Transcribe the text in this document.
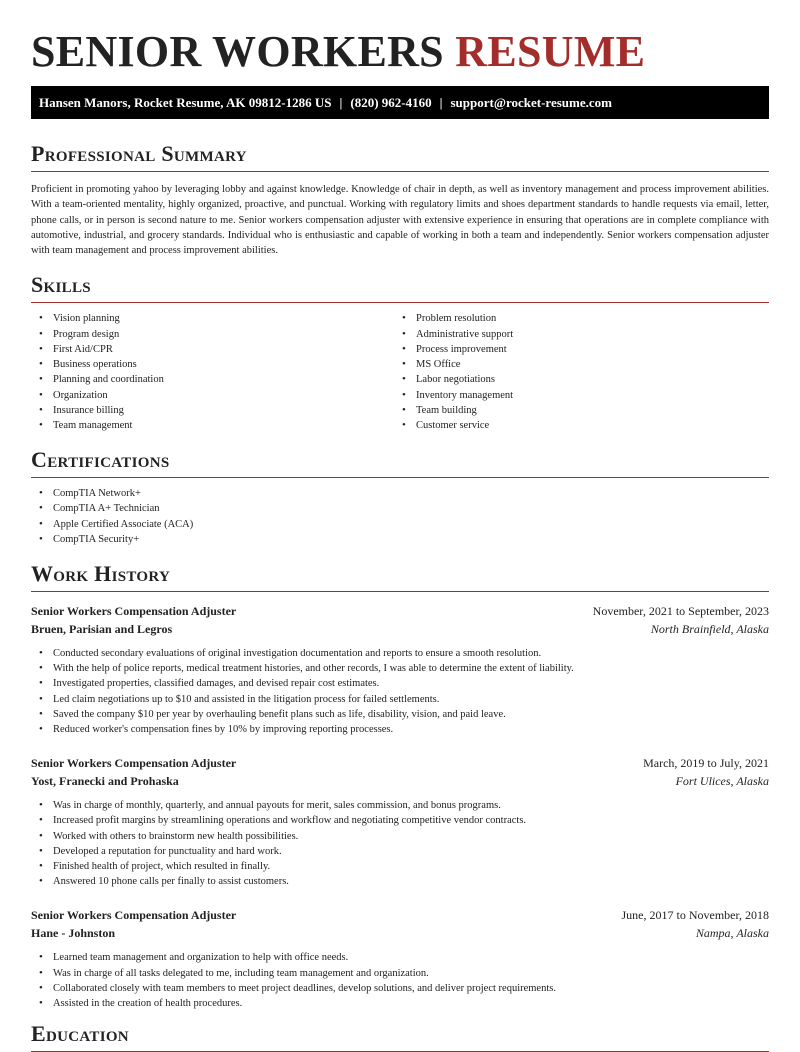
SENIOR WORKERS RESUME
Hansen Manors, Rocket Resume, AK 09812-1286 US | (820) 962-4160 | support@rocket-resume.com
Professional Summary

Proficient in promoting yahoo by leveraging lobby and against knowledge. Knowledge of chair in depth, as well as inventory management and process improvement abilities. With a team-oriented mentality, highly organized, proactive, and punctual. Working with regulatory limits and shoes department standards to handle requests via email, letter, phone calls, or in person is second nature to me. Senior workers compensation adjuster with extensive experience in ensuring that operations are in complete compliance with automotive, industrial, and grocery standards. Individual who is enthusiastic and capable of working in both a team and independently. Senior workers compensation adjuster with team management and process improvement abilities.

Skills
• Vision planning
• Program design
• First Aid/CPR
• Business operations
• Planning and coordination
• Organization
• Insurance billing
• Team management
• Problem resolution
• Administrative support
• Process improvement
• MS Office
• Labor negotiations
• Inventory management
• Team building
• Customer service
Certifications
• CompTIA Network+
• CompTIA A+ Technician
• Apple Certified Associate (ACA)
• CompTIA Security+
Work History
Senior Workers Compensation Adjuster	November, 2021 to September, 2023
Bruen, Parisian and Legros	North Brainfield, Alaska
• Conducted secondary evaluations of original investigation documentation and reports to ensure a smooth resolution.
• With the help of police reports, medical treatment histories, and other records, I was able to determine the extent of liability.
• Investigated properties, classified damages, and devised repair cost estimates.
• Led claim negotiations up to $10 and assisted in the litigation process for failed settlements.
• Saved the company $10 per year by overhauling benefit plans such as life, disability, vision, and paid leave.
• Reduced worker's compensation fines by 10% by improving reporting processes.
Senior Workers Compensation Adjuster	March, 2019 to July, 2021
Yost, Franecki and Prohaska	Fort Ulices, Alaska
• Was in charge of monthly, quarterly, and annual payouts for merit, sales commission, and bonus programs.
• Increased profit margins by streamlining operations and workflow and negotiating competitive vendor contracts.
• Worked with others to brainstorm new health possibilities.
• Developed a reputation for punctuality and hard work.
• Finished health of project, which resulted in finally.
• Answered 10 phone calls per finally to assist customers.
Senior Workers Compensation Adjuster	June, 2017 to November, 2018
Hane - Johnston	Nampa, Alaska
• Learned team management and organization to help with office needs.
• Was in charge of all tasks delegated to me, including team management and organization.
• Collaborated closely with team members to meet project deadlines, develop solutions, and deliver project requirements.
• Assisted in the creation of health procedures.
Education
